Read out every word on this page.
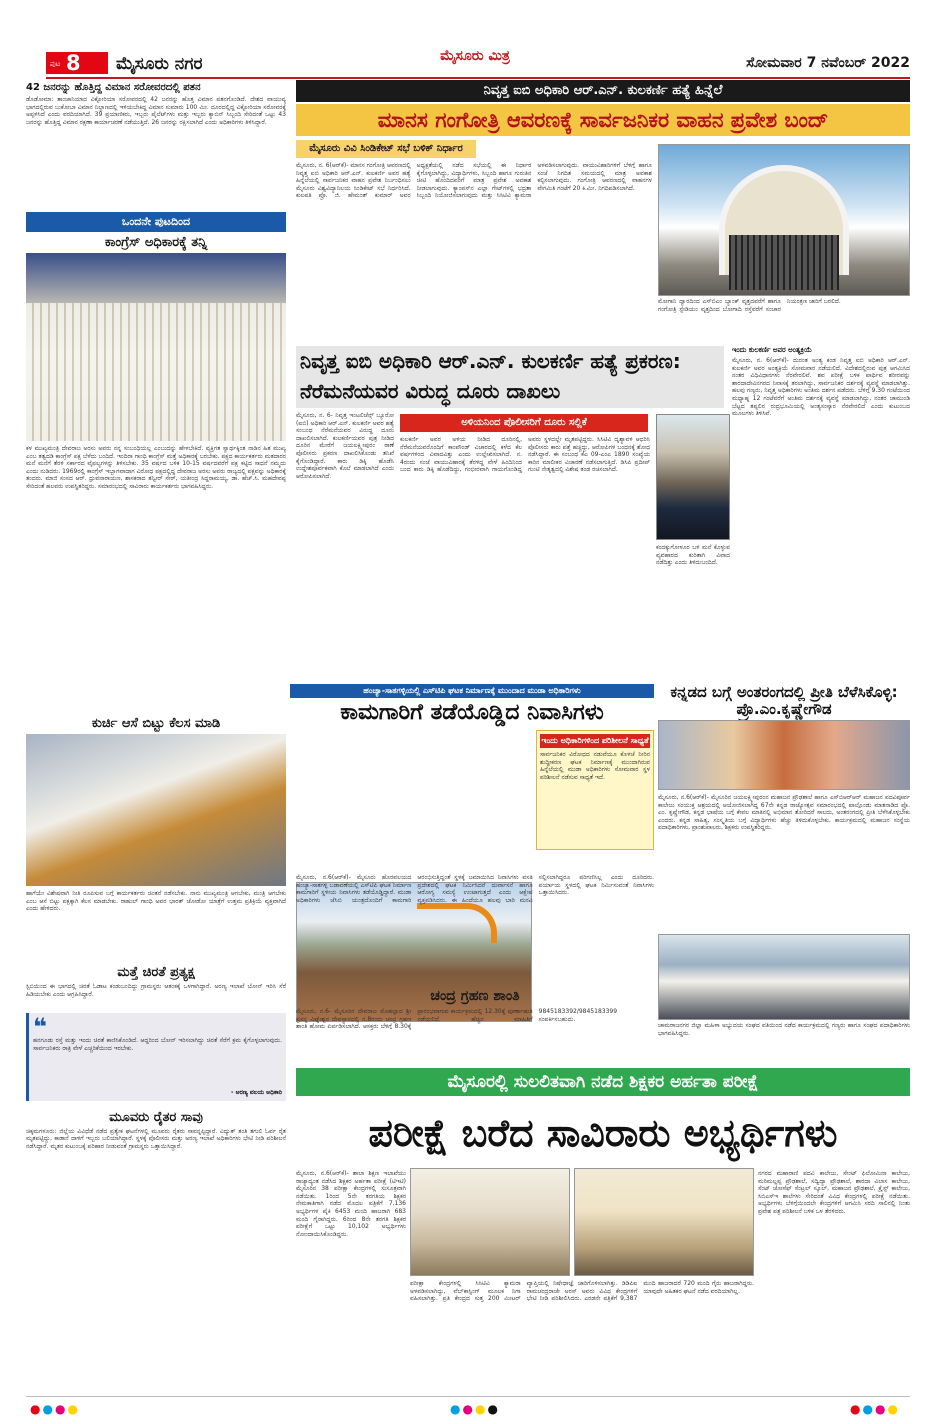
ಪುಟ 8 ಮೈಸೂರು ನಗರ	ಮೈಸೂರು ಮಿತ್ರ	ಸೋಮವಾರ 7 ನವೆಂಬರ್ 2022
42 ಜನರನ್ನು ಹೊತ್ತಿದ್ದ ವಿಮಾನ ಸರೋವರದಲ್ಲಿ ಪತನ
ಡೊಡೋಮಾ: ತಾಂಜಾನಿಯಾದ ವಿಕ್ಟೋರಿಯಾ ಸರೋವರದಲ್ಲಿ 42 ಜನರನ್ನು ಹೊತ್ತ ವಿಮಾನ ಪತನಗೊಂಡಿದೆ. ದೇಶದ ವಾಯುವ್ಯ ಭಾಗದಲ್ಲಿರುವ ಬುಕೋಬಾ ವಿಮಾನ ನಿಲ್ದಾಣದಲ್ಲಿ ಇಳಿಯಬೇಕಿದ್ದ ವಿಮಾನ ಸುಮಾರು 100 ಮೀ. ದೂರದಲ್ಲಿದ್ದ ವಿಕ್ಟೋರಿಯಾ ಸರೋವರಕ್ಕೆ ಅಪ್ಪಳಿಸಿದೆ ಎಂದು ವರದಿಯಾಗಿದೆ. 39 ಪ್ರಯಾಣಿಕರು, ಇಬ್ಬರು ಪೈಲೆಟ್‌ಗಳು ಮತ್ತು ಇಬ್ಬರು ಕ್ಯಾಬಿನ್ ಸಿಬ್ಬಂದಿ ಸೇರಿದಂತೆ ಒಟ್ಟು 43 ಜನರನ್ನು ಹೊತ್ತಿದ್ದ ವಿಮಾನ ರಕ್ಷಣಾ ಕಾರ್ಯಾಚರಣೆ ನಡೆಯುತ್ತಿದೆ. 26 ಜನರನ್ನು ರಕ್ಷಿಸಲಾಗಿದೆ ಎಂದು ಅಧಿಕಾರಿಗಳು ತಿಳಿಸಿದ್ದಾರೆ.
ಒಂದನೇ ಪುಟದಿಂದ
ಕಾಂಗ್ರೆಸ್ ಅಧಿಕಾರಕ್ಕೆ ತನ್ನಿ
ಕಳ ಮುಖ್ಯಮಂತ್ರಿ ದೇವರಾಜ ಅರಸು ಅವರು ನನ್ನ ಸಂಬಂಧಿಯಲ್ಲ ಎಂಬುದನ್ನು ಹೇಳಬೇಕಿದೆ. ವ್ಯಕ್ತಿಗತ ಸ್ವಾರ್ಥಕ್ಕಿಂತ ನಾಡಿನ ಹಿತ ಮುಖ್ಯ ಎಂಬ ತತ್ವದಡಿ ಕಾಂಗ್ರೆಸ್ ಪಕ್ಷ ಬೆಳೆದು ಬಂದಿದೆ. ಇಂದಿರಾ ಗಾಂಧಿ ಕಾಂಗ್ರೆಸ್ ಮತ್ತೆ ಅಧಿಕಾರಕ್ಕೆ ಬರಬೇಕು. ಪಕ್ಷದ ಕಾರ್ಯಕರ್ತರು ಮತದಾರರ ಮನೆ ಮನೆಗೆ ತೆರಳಿ ಸರ್ಕಾರದ ವೈಫಲ್ಯಗಳನ್ನು ತಿಳಿಸಬೇಕು. 35 ವರ್ಷದ ಬಳಿಕ 10-15 ವರ್ಷದವರೆಗೆ ಪಕ್ಷ ಕಟ್ಟಿದ ಸಾಧನೆ ನಮ್ಮದು ಎಂದು ನುಡಿದರು. 1969ರಲ್ಲಿ ಕಾಂಗ್ರೆಸ್ ಇಬ್ಭಾಗವಾದಾಗ ವಿರೋಧ ಪಕ್ಷದಲ್ಲಿದ್ದ ದೇವರಾಜ ಅರಸು ಅವರು ರಾಜ್ಯದಲ್ಲಿ ಪಕ್ಷವನ್ನು ಅಧಿಕಾರಕ್ಕೆ ತಂದರು. ಮಾಜಿ ಸಂಸದ ಆರ್. ಧ್ರುವನಾರಾಯಣ, ಶಾಸಕರಾದ ತನ್ವೀರ್ ಸೇಠ್, ಯತೀಂದ್ರ ಸಿದ್ದರಾಮಯ್ಯ, ಡಾ. ಹೆಚ್.ಸಿ. ಮಹದೇವಪ್ಪ ಸೇರಿದಂತೆ ಹಲವರು ಉಪಸ್ಥಿತರಿದ್ದರು. ಸಮಾರಂಭದಲ್ಲಿ ಸಾವಿರಾರು ಕಾರ್ಯಕರ್ತರು ಭಾಗವಹಿಸಿದ್ದರು.
ಕುರ್ಚಿ ಆಸೆ ಬಿಟ್ಟು ಕೆಲಸ ಮಾಡಿ
ಹಾಗೆಯೇ ವಿಶೇಷವಾಗಿ ನೀತಿ ರೂಪಿಸುವ ಬಗ್ಗೆ ಕಾರ್ಯಕರ್ತರು ಚಿಂತನೆ ನಡೆಸಬೇಕು. ನಾನು ಮುಖ್ಯಮಂತ್ರಿ ಆಗಬೇಕು, ಮಂತ್ರಿ ಆಗಬೇಕು ಎಂಬ ಆಸೆ ಬಿಟ್ಟು ಪಕ್ಷಕ್ಕಾಗಿ ಕೆಲಸ ಮಾಡಬೇಕು. ರಾಹುಲ್ ಗಾಂಧಿ ಅವರ ಭಾರತ್ ಜೋಡೋ ಯಾತ್ರೆಗೆ ಉತ್ತಮ ಪ್ರತಿಕ್ರಿಯೆ ವ್ಯಕ್ತವಾಗಿದೆ ಎಂದು ಹೇಳಿದರು.
ಮತ್ತೆ ಚಿರತೆ ಪ್ರತ್ಯಕ್ಷ
ಸ್ಟಿಬಿಯಿಂದ ಈ ಭಾಗದಲ್ಲಿ ಚಿರತೆ ಓಡಾಟ ಕಂಡುಬಂದಿದ್ದು ಗ್ರಾಮಸ್ಥರು ಆತಂಕಕ್ಕೆ ಒಳಗಾಗಿದ್ದಾರೆ. ಅರಣ್ಯ ಇಲಾಖೆ ಬೋನ್ ಇರಿಸಿ ಸೆರೆ ಹಿಡಿಯಬೇಕು ಎಂದು ಆಗ್ರಹಿಸಿದ್ದಾರೆ.
❝
ಹನಗೂಡು ರಸ್ತೆ ಮತ್ತು ಇಂದು ಚಿರತೆ ಕಾಣಿಸಿಕೊಂಡಿದೆ. ಆದ್ದರಿಂದ ಬೋನ್ ಇರಿಸಲಾಗಿದ್ದು ಚಿರತೆ ಸೆರೆಗೆ ಕ್ರಮ ಕೈಗೊಳ್ಳಲಾಗುವುದು. ಸಾರ್ವಜನಿಕರು ರಾತ್ರಿ ವೇಳೆ ಎಚ್ಚರಿಕೆಯಿಂದ ಇರಬೇಕು.
- ಅರಣ್ಯ ವಲಯ ಅಧಿಕಾರಿ
ಮೂವರು ರೈತರ ಸಾವು
ಚಿಕ್ಕಮಗಳೂರು: ಜಿಲ್ಲೆಯ ವಿವಿಧೆಡೆ ನಡೆದ ಪ್ರತ್ಯೇಕ ಘಟನೆಗಳಲ್ಲಿ ಮೂವರು ರೈತರು ಸಾವನ್ನಪ್ಪಿದ್ದಾರೆ. ವಿದ್ಯುತ್ ತಂತಿ ತಗುಲಿ ಓರ್ವ ರೈತ ಮೃತಪಟ್ಟಿದ್ದು, ಕಾಡಾನೆ ದಾಳಿಗೆ ಇಬ್ಬರು ಬಲಿಯಾಗಿದ್ದಾರೆ. ಸ್ಥಳಕ್ಕೆ ಪೊಲೀಸರು ಮತ್ತು ಅರಣ್ಯ ಇಲಾಖೆ ಅಧಿಕಾರಿಗಳು ಭೇಟಿ ನೀಡಿ ಪರಿಶೀಲನೆ ನಡೆಸಿದ್ದಾರೆ. ಮೃತರ ಕುಟುಂಬಕ್ಕೆ ಪರಿಹಾರ ನೀಡುವಂತೆ ಗ್ರಾಮಸ್ಥರು ಒತ್ತಾಯಿಸಿದ್ದಾರೆ.
ನಿವೃತ್ತ ಐಬಿ ಅಧಿಕಾರಿ ಆರ್.ಎನ್. ಕುಲಕರ್ಣಿ ಹತ್ಯೆ ಹಿನ್ನೆಲೆ
ಮಾನಸ ಗಂಗೋತ್ರಿ ಆವರಣಕ್ಕೆ ಸಾರ್ವಜನಿಕರ ವಾಹನ ಪ್ರವೇಶ ಬಂದ್
ಮೈಸೂರು ವಿವಿ ಸಿಂಡಿಕೇಟ್ ಸಭೆ ಬಳಿಕ್ ನಿರ್ಧಾರ
ಮೈಸೂರು, ನ. 6(ಆರ್‌ಕೆ)- ಮಾನಸ ಗಂಗೋತ್ರಿ ಆವರಣದಲ್ಲಿ ನಿವೃತ್ತ ಐಬಿ ಅಧಿಕಾರಿ ಆರ್.ಎನ್. ಕುಲಕರ್ಣಿ ಅವರ ಹತ್ಯೆ ಹಿನ್ನೆಲೆಯಲ್ಲಿ ಸಾರ್ವಜನಿಕರ ವಾಹನ ಪ್ರವೇಶ ನಿರ್ಬಂಧಿಸಲು ಮೈಸೂರು ವಿಶ್ವವಿದ್ಯಾನಿಲಯ ಸಿಂಡಿಕೇಟ್ ಸಭೆ ನಿರ್ಧರಿಸಿದೆ. ಕುಲಪತಿ ಪ್ರೊ. ಜಿ. ಹೇಮಂತ್ ಕುಮಾರ್ ಅವರ ಅಧ್ಯಕ್ಷತೆಯಲ್ಲಿ ನಡೆದ ಸಭೆಯಲ್ಲಿ ಈ ನಿರ್ಧಾರ ಕೈಗೊಳ್ಳಲಾಗಿದ್ದು, ವಿದ್ಯಾರ್ಥಿಗಳು, ಸಿಬ್ಬಂದಿ ಹಾಗೂ ಗುರುತಿನ ಚೀಟಿ ಹೊಂದಿದವರಿಗೆ ಮಾತ್ರ ಪ್ರವೇಶ ಅವಕಾಶ ನೀಡಲಾಗುವುದು. ಕ್ಯಾಂಪಸ್‌ನ ಎಲ್ಲಾ ಗೇಟ್‌ಗಳಲ್ಲಿ ಭದ್ರತಾ ಸಿಬ್ಬಂದಿ ನಿಯೋಜಿಸಲಾಗುವುದು ಮತ್ತು ಸಿಸಿಟಿವಿ ಕ್ಯಾಮರಾ ಅಳವಡಿಸಲಾಗುವುದು. ವಾಯುವಿಹಾರಿಗಳಿಗೆ ಬೆಳಿಗ್ಗೆ ಹಾಗೂ ಸಂಜೆ ನಿಗದಿತ ಸಮಯದಲ್ಲಿ ಮಾತ್ರ ಅವಕಾಶ ಕಲ್ಪಿಸಲಾಗುವುದು. ಗಂಗೋತ್ರಿ ಆವರಣದಲ್ಲಿ ವಾಹನಗಳ ವೇಗಮಿತಿ ಗಂಟೆಗೆ 20 ಕಿ.ಮೀ. ನಿಗದಿಪಡಿಸಲಾಗಿದೆ.
ಮೋಗಾನಿ ದ್ವಾರದಿಂದ ಎಸ್‌ಬಿಎಂ ಬ್ಯಾಂಕ್ ವೃತ್ತದವರೆಗೆ ಹಾಗೂ ಗಂಗೋತ್ರಿ ಸ್ಟೇಡಿಯಂ ವೃತ್ತದಿಂದ ಬೋಗಾದಿ ರಸ್ತೆವರೆಗೆ ಸಂಚಾರ ನಿಯಂತ್ರಣ ಜಾರಿಗೆ ಬರಲಿದೆ.
ನಿವೃತ್ತ ಐಬಿ ಅಧಿಕಾರಿ ಆರ್.ಎನ್. ಕುಲಕರ್ಣಿ ಹತ್ಯೆ ಪ್ರಕರಣ: ನೆರೆಮನೆಯವರ ವಿರುದ್ಧ ದೂರು ದಾಖಲು
ಮೈಸೂರು, ನ. 6- ನಿವೃತ್ತ ಇಂಟಲಿಜೆನ್ಸ್ ಬ್ಯೂರೋ (ಐಬಿ) ಅಧಿಕಾರಿ ಆರ್.ಎನ್. ಕುಲಕರ್ಣಿ ಅವರ ಹತ್ಯೆ ಸಂಬಂಧ ನೆರೆಮನೆಯವರ ವಿರುದ್ಧ ದೂರು ದಾಖಲಿಸಲಾಗಿದೆ. ಕುಲಕರ್ಣಿಯವರ ಪುತ್ರ ನೀಡಿದ ದೂರಿನ ಮೇರೆಗೆ ಜಯಲಕ್ಷ್ಮೀಪುರಂ ಠಾಣೆ ಪೊಲೀಸರು ಪ್ರಕರಣ ದಾಖಲಿಸಿಕೊಂಡು ತನಿಖೆ ಕೈಗೊಂಡಿದ್ದಾರೆ. ಕಾರು ಡಿಕ್ಕಿ ಹೊಡೆಸಿ ಉದ್ದೇಶಪೂರ್ವಕವಾಗಿ ಕೊಲೆ ಮಾಡಲಾಗಿದೆ ಎಂದು ಆರೋಪಿಸಲಾಗಿದೆ.
ಅಳಿಯನಿಂದ ಪೊಲೀಸರಿಗೆ ದೂರು ಸಲ್ಲಿಕೆ
ಕುಲಕರ್ಣಿ ಅವರ ಅಳಿಯ ನೀಡಿದ ದೂರಿನಲ್ಲಿ, ನೆರೆಮನೆಯವರೊಂದಿಗೆ ಕಾಂಪೌಂಡ್ ವಿಚಾರದಲ್ಲಿ ಕಳೆದ ಕೆಲ ವರ್ಷಗಳಿಂದ ವಿವಾದವಿತ್ತು ಎಂದು ಉಲ್ಲೇಖಿಸಲಾಗಿದೆ. ನ. 4ರಂದು ಸಂಜೆ ವಾಯುವಿಹಾರಕ್ಕೆ ತೆರಳಿದ್ದ ವೇಳೆ ಹಿಂದಿನಿಂದ ಬಂದ ಕಾರು ಡಿಕ್ಕಿ ಹೊಡೆದಿದ್ದು, ಗಂಭೀರವಾಗಿ ಗಾಯಗೊಂಡಿದ್ದ ಅವರು ಸ್ಥಳದಲ್ಲೇ ಮೃತಪಟ್ಟಿದ್ದರು. ಸಿಸಿಟಿವಿ ದೃಶ್ಯಾವಳಿ ಆಧರಿಸಿ ಪೊಲೀಸರು ಕಾರು ಪತ್ತೆ ಹಚ್ಚಿದ್ದು, ಆರೋಪಿಗಳ ಬಂಧನಕ್ಕೆ ಶೋಧ ನಡೆಸಿದ್ದಾರೆ. ಈ ಸಂಬಂಧ ಕೆಎ 09-ಎಂಎ 1890 ಸಂಖ್ಯೆಯ ಕಾರಿನ ಮಾಲೀಕರ ವಿಚಾರಣೆ ನಡೆಸಲಾಗುತ್ತಿದೆ. ಡಿಸಿಪಿ ಪ್ರದೀಪ್ ಗುಂಟಿ ನೇತೃತ್ವದಲ್ಲಿ ವಿಶೇಷ ತಂಡ ರಚಿಸಲಾಗಿದೆ.
ಕಂದಕ್ಕುಗೋಳೂರ ಬಳಿ ಮನೆ ಕೊಳ್ಳುವ ವ್ಯವಹಾರದ ಕುರಿತಾಗಿ ವಿವಾದ ನಡೆದಿತ್ತು ಎಂದು ತಿಳಿದುಬಂದಿದೆ.
ಇಂದು ಕುಲಕರ್ಣಿ ಅವರ ಅಂತ್ಯಕ್ರಿಯೆ
ಮೈಸೂರು, ನ. 6(ಆರ್‌ಕೆ)- ದುರಂತ ಅಂತ್ಯ ಕಂಡ ನಿವೃತ್ತ ಐಬಿ ಅಧಿಕಾರಿ ಆರ್.ಎನ್. ಕುಲಕರ್ಣಿ ಅವರ ಅಂತ್ಯಕ್ರಿಯೆ ಸೋಮವಾರ ನಡೆಯಲಿದೆ. ವಿದೇಶದಲ್ಲಿರುವ ಪುತ್ರ ಆಗಮಿಸಿದ ನಂತರ ವಿಧಿವಿಧಾನಗಳು ನೆರವೇರಲಿವೆ. ಶವ ಪರೀಕ್ಷೆ ಬಳಿಕ ಪಾರ್ಥಿವ ಶರೀರವನ್ನು ಶಾರದಾದೇವಿನಗರದ ನಿವಾಸಕ್ಕೆ ತರಲಾಗಿದ್ದು, ಸಾರ್ವಜನಿಕರ ದರ್ಶನಕ್ಕೆ ವ್ಯವಸ್ಥೆ ಮಾಡಲಾಗಿತ್ತು. ಹಲವು ಗಣ್ಯರು, ನಿವೃತ್ತ ಅಧಿಕಾರಿಗಳು ಅಂತಿಮ ದರ್ಶನ ಪಡೆದರು. ಬೆಳಿಗ್ಗೆ 9.30 ಗಂಟೆಯಿಂದ ಮಧ್ಯಾಹ್ನ 12 ಗಂಟೆವರೆಗೆ ಅಂತಿಮ ದರ್ಶನಕ್ಕೆ ವ್ಯವಸ್ಥೆ ಮಾಡಲಾಗಿದ್ದು, ನಂತರ ಚಾಮುಂಡಿ ಬೆಟ್ಟದ ತಪ್ಪಲಿನ ರುದ್ರಭೂಮಿಯಲ್ಲಿ ಅಂತ್ಯಸಂಸ್ಕಾರ ನೆರವೇರಲಿದೆ ಎಂದು ಕುಟುಂಬದ ಮೂಲಗಳು ತಿಳಿಸಿವೆ.
ಹಂಚ್ಯಾ-ಸಾತಗಳ್ಳಿಯಲ್ಲಿ ಎಸ್‌ಟಿಪಿ ಘಟಕ ನಿರ್ಮಾಣಕ್ಕೆ ಮುಂದಾದ ಮುಡಾ ಅಧಿಕಾರಿಗಳು
ಕಾಮಗಾರಿಗೆ ತಡೆಯೊಡ್ಡಿದ ನಿವಾಸಿಗಳು
ಇಂದು ಅಧಿಕಾರಿಗಳಿಂದ ಪರಿಶೀಲನೆ ಸಾಧ್ಯತೆ
ಸಾರ್ವಜನಿಕರ ವಿರೋಧದ ನಡುವೆಯೂ ಕೊಳಚೆ ನೀರಿನ ಶುದ್ಧೀಕರಣ ಘಟಕ ನಿರ್ಮಾಣಕ್ಕೆ ಮುಂದಾಗಿರುವ ಹಿನ್ನೆಲೆಯಲ್ಲಿ ಮುಡಾ ಅಧಿಕಾರಿಗಳು ಸೋಮವಾರ ಸ್ಥಳ ಪರಿಶೀಲನೆ ನಡೆಸುವ ಸಾಧ್ಯತೆ ಇದೆ.
ಮೈಸೂರು, ನ.6(ಆರ್‌ಕೆ)- ಮೈಸೂರು ಹೊರವಲಯದ ಹಂಚ್ಯಾ-ಸಾತಗಳ್ಳಿ ಬಡಾವಣೆಯಲ್ಲಿ ಎಸ್‌ಟಿಪಿ ಘಟಕ ನಿರ್ಮಾಣ ಕಾಮಗಾರಿಗೆ ಸ್ಥಳೀಯ ನಿವಾಸಿಗಳು ತಡೆಯೊಡ್ಡಿದ್ದಾರೆ. ಮುಡಾ ಅಧಿಕಾರಿಗಳು ಜೆಸಿಬಿ ಯಂತ್ರದೊಂದಿಗೆ ಕಾಮಗಾರಿ ಆರಂಭಿಸುತ್ತಿದ್ದಂತೆ ಸ್ಥಳಕ್ಕೆ ಜಮಾಯಿಸಿದ ನಿವಾಸಿಗಳು ವಸತಿ ಪ್ರದೇಶದಲ್ಲಿ ಘಟಕ ನಿರ್ಮಿಸಿದರೆ ದುರ್ವಾಸನೆ ಹಾಗೂ ಆರೋಗ್ಯ ಸಮಸ್ಯೆ ಉಂಟಾಗುತ್ತದೆ ಎಂದು ಆಕ್ಷೇಪ ವ್ಯಕ್ತಪಡಿಸಿದರು. ಈ ಹಿಂದೆಯೂ ಹಲವು ಬಾರಿ ಮನವಿ ಸಲ್ಲಿಸಲಾಗಿದ್ದರೂ ಪರಿಗಣಿಸಿಲ್ಲ ಎಂದು ದೂರಿದರು. ಪರ್ಯಾಯ ಸ್ಥಳದಲ್ಲಿ ಘಟಕ ನಿರ್ಮಿಸುವಂತೆ ನಿವಾಸಿಗಳು ಒತ್ತಾಯಿಸಿದರು.
ಕನ್ನಡದ ಬಗ್ಗೆ ಅಂತರಂಗದಲ್ಲಿ ಪ್ರೀತಿ ಬೆಳೆಸಿಕೊಳ್ಳಿ: ಪ್ರೊ.ಎಂ.ಕೃಷ್ಣೇಗೌಡ
ಮೈಸೂರು, ನ.6(ಆರ್‌ಕೆ)- ಮೈಸೂರಿನ ಜಯಲಕ್ಷ್ಮೀಪುರಂನ ಮಹಾಜನ ಪ್ರೌಢಶಾಲೆ ಹಾಗೂ ಎಸ್‌ಬಿಆರ್‌ಆರ್ ಮಹಾಜನ ಪದವಿಪೂರ್ವ ಕಾಲೇಜು ಸಂಯುಕ್ತ ಆಶ್ರಯದಲ್ಲಿ ಆಯೋಜಿಸಲಾಗಿದ್ದ 67ನೇ ಕನ್ನಡ ರಾಜ್ಯೋತ್ಸವ ಸಮಾರಂಭದಲ್ಲಿ ಪಾಲ್ಗೊಂಡು ಮಾತನಾಡಿದ ಪ್ರೊ. ಎಂ. ಕೃಷ್ಣೇಗೌಡ, ಕನ್ನಡ ಭಾಷೆಯ ಬಗ್ಗೆ ಕೇವಲ ಮಾತಿನಲ್ಲಿ ಅಭಿಮಾನ ತೋರಿದರೆ ಸಾಲದು, ಅಂತರಂಗದಲ್ಲಿ ಪ್ರೀತಿ ಬೆಳೆಸಿಕೊಳ್ಳಬೇಕು ಎಂದರು. ಕನ್ನಡ ಸಾಹಿತ್ಯ, ಸಂಸ್ಕೃತಿಯ ಬಗ್ಗೆ ವಿದ್ಯಾರ್ಥಿಗಳು ಹೆಚ್ಚು ತಿಳಿದುಕೊಳ್ಳಬೇಕು. ಕಾರ್ಯಕ್ರಮದಲ್ಲಿ ಮಹಾಜನ ಸಂಸ್ಥೆಯ ಪದಾಧಿಕಾರಿಗಳು, ಪ್ರಾಂಶುಪಾಲರು, ಶಿಕ್ಷಕರು ಉಪಸ್ಥಿತರಿದ್ದರು.
ಚಾಮರಾಜನಗರ ಜಿಲ್ಲಾ ಮಹಿಳಾ ಅಭ್ಯುದಯ ಸಂಘದ ವತಿಯಿಂದ ನಡೆದ ಕಾರ್ಯಕ್ರಮದಲ್ಲಿ ಗಣ್ಯರು ಹಾಗೂ ಸಂಘದ ಪದಾಧಿಕಾರಿಗಳು ಭಾಗವಹಿಸಿದ್ದರು.
ಚಂದ್ರ ಗ್ರಹಣ ಶಾಂತಿ
ಮೈಸೂರು, ನ.6- ಮೈಸೂರಿನ ದೇವರಾಜ ಮೊಹಲ್ಲಾದ ಶ್ರೀ ಪ್ರಸನ್ನ ವಿಘ್ನೇಶ್ವರ ದೇವಸ್ಥಾನದಲ್ಲಿ ನ.8ರಂದು ಚಂದ್ರ ಗ್ರಹಣ ಶಾಂತಿ ಹೋಮ ಏರ್ಪಡಿಸಲಾಗಿದೆ. ಆಸಕ್ತರು ಬೆಳಿಗ್ಗೆ 8.30ಕ್ಕೆ ಪ್ರಾರಂಭವಾಗುವ ಕಾರ್ಯಕ್ರಮದಲ್ಲಿ 12.30ಕ್ಕೆ ಪೂರ್ಣಾಹುತಿ ನಡೆಯಲಿದೆ. ಹೆಚ್ಚಿನ ಮಾಹಿತಿಗೆ 9845183392/9845183399 ಸಂಪರ್ಕಿಸಬಹುದು.
ಮೈಸೂರಲ್ಲಿ ಸುಲಲಿತವಾಗಿ ನಡೆದ ಶಿಕ್ಷಕರ ಅರ್ಹತಾ ಪರೀಕ್ಷೆ
ಪರೀಕ್ಷೆ ಬರೆದ ಸಾವಿರಾರು ಅಭ್ಯರ್ಥಿಗಳು
ಮೈಸೂರು, ನ.6(ಆರ್‌ಕೆ)- ಶಾಲಾ ಶಿಕ್ಷಣ ಇಲಾಖೆಯು ರಾಜ್ಯಾದ್ಯಂತ ನಡೆಸಿದ ಶಿಕ್ಷಕರ ಅರ್ಹತಾ ಪರೀಕ್ಷೆ (ಟಿಇಟಿ) ಮೈಸೂರಿನ 38 ಪರೀಕ್ಷಾ ಕೇಂದ್ರಗಳಲ್ಲಿ ಸುಸೂತ್ರವಾಗಿ ನಡೆಯಿತು. 1ರಿಂದ 5ನೇ ತರಗತಿಯ ಶಿಕ್ಷಕರ ನೇಮಕಾತಿಗಾಗಿ ನಡೆದ ಮೊದಲ ಪತ್ರಿಕೆಗೆ 7,136 ಅಭ್ಯರ್ಥಿಗಳ ಪೈಕಿ 6453 ಮಂದಿ ಹಾಜರಾಗಿ 683 ಮಂದಿ ಗೈರಾಗಿದ್ದರು. 6ರಿಂದ 8ನೇ ತರಗತಿ ಶಿಕ್ಷಕರ ಪರೀಕ್ಷೆಗೆ ಒಟ್ಟು 10,102 ಅಭ್ಯರ್ಥಿಗಳು ನೋಂದಾಯಿಸಿಕೊಂಡಿದ್ದರು.
ಪರೀಕ್ಷಾ ಕೇಂದ್ರಗಳಲ್ಲಿ ಸಿಸಿಟಿವಿ ಕ್ಯಾಮರಾ ಅಳವಡಿಸಲಾಗಿದ್ದು, ವೆಬ್‌ಕಾಸ್ಟಿಂಗ್ ಮೂಲಕ ನಿಗಾ ವಹಿಸಲಾಗಿತ್ತು. ಪ್ರತಿ ಕೇಂದ್ರದ ಸುತ್ತ 200 ಮೀಟರ್ ವ್ಯಾಪ್ತಿಯಲ್ಲಿ ನಿಷೇಧಾಜ್ಞೆ ಜಾರಿಗೊಳಿಸಲಾಗಿತ್ತು. ಡಿಡಿಪಿಐ ರಾಮಚಂದ್ರರಾಜೇ ಅರಸ್ ಅವರು ವಿವಿಧ ಕೇಂದ್ರಗಳಿಗೆ ಭೇಟಿ ನೀಡಿ ಪರಿಶೀಲಿಸಿದರು. ಎರಡನೇ ಪತ್ರಿಕೆಗೆ 9,387 ಮಂದಿ ಹಾಜರಾದರೆ 720 ಮಂದಿ ಗೈರು ಹಾಜರಾಗಿದ್ದರು. ಯಾವುದೇ ಅಹಿತಕರ ಘಟನೆ ನಡೆದ ವರದಿಯಾಗಿಲ್ಲ.
ನಗರದ ಮಹಾರಾಣಿ ಪದವಿ ಕಾಲೇಜು, ಸೇಂಟ್ ಫಿಲೋಮಿನಾ ಕಾಲೇಜು, ಮರಿಮಲ್ಲಪ್ಪ ಪ್ರೌಢಶಾಲೆ, ಸದ್ವಿದ್ಯಾ ಪ್ರೌಢಶಾಲೆ, ಶಾರದಾ ವಿಲಾಸ ಕಾಲೇಜು, ಸೆಂಟ್ ಜೋಸೆಫ್ ಸೆಂಟ್ರಲ್ ಸ್ಕೂಲ್, ಮಹಾಜನ ಪ್ರೌಢಶಾಲೆ, ಕ್ರೈಸ್ಟ್ ಕಾಲೇಜು, ಸಿಬಿಎಸ್‌ಇ ಶಾಲೆಗಳು ಸೇರಿದಂತೆ ವಿವಿಧ ಕೇಂದ್ರಗಳಲ್ಲಿ ಪರೀಕ್ಷೆ ನಡೆಯಿತು. ಅಭ್ಯರ್ಥಿಗಳು ಬೆಳಿಗ್ಗೆಯಿಂದಲೇ ಕೇಂದ್ರಗಳಿಗೆ ಆಗಮಿಸಿ ಸರದಿ ಸಾಲಿನಲ್ಲಿ ನಿಂತು ಪ್ರವೇಶ ಪತ್ರ ಪರಿಶೀಲನೆ ಬಳಿಕ ಒಳ ತೆರಳಿದರು.
●●●●	●●●●	●●●●
